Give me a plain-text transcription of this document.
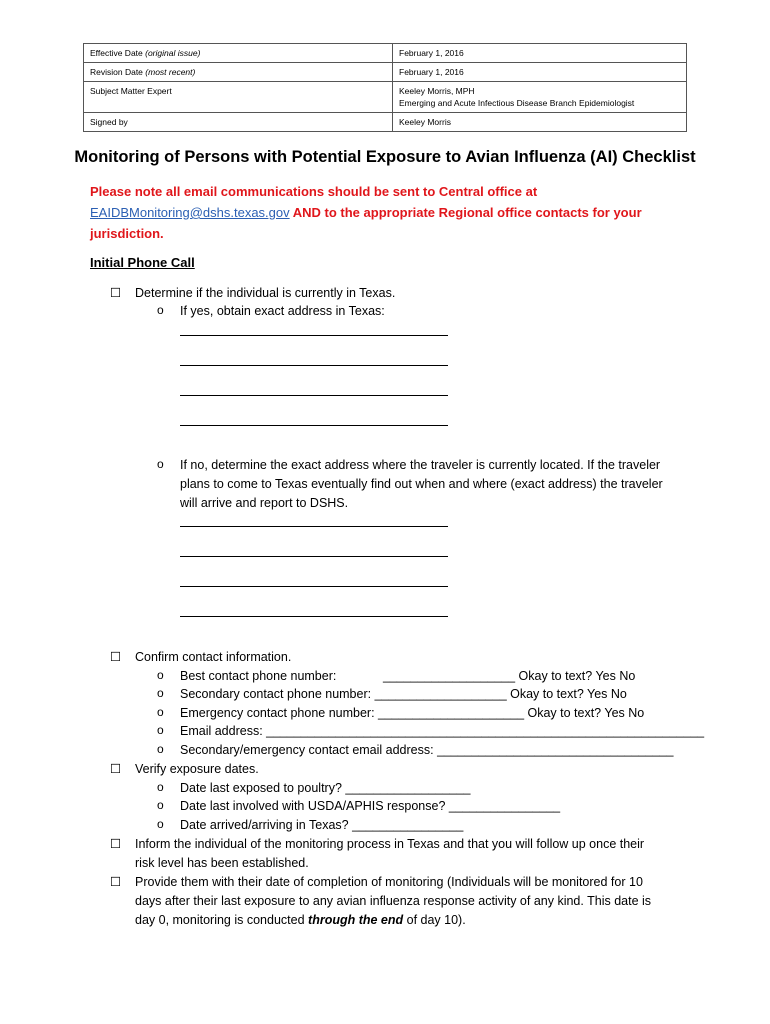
Effective Date (original issue)	February 1, 2016
Revision Date (most recent)	February 1, 2016
Subject Matter Expert	Keeley Morris, MPH
Emerging and Acute Infectious Disease Branch Epidemiologist

Signed by	Keeley Morris
Monitoring of Persons with Potential Exposure to Avian Influenza (AI) Checklist
Please note all email communications should be sent to Central office at
EAIDBMonitoring@dshs.texas.gov AND to the appropriate Regional office contacts for your
jurisdiction.
Initial Phone Call
☐ Determine if the individual is currently in Texas.
o If yes, obtain exact address in Texas:
o If no, determine the exact address where the traveler is currently located. If the traveler
plans to come to Texas eventually find out when and where (exact address) the traveler
will arrive and report to DSHS.
☐ Confirm contact information.
o Best contact phone number:	___________________ Okay to text? Yes No
o Secondary contact phone number: ___________________ Okay to text? Yes No
o Emergency contact phone number: _____________________ Okay to text? Yes No
o Email address: _______________________________________________________________
o Secondary/emergency contact email address: __________________________________
☐ Verify exposure dates.
o Date last exposed to poultry? __________________
o Date last involved with USDA/APHIS response? ________________
o Date arrived/arriving in Texas? ________________
☐ Inform the individual of the monitoring process in Texas and that you will follow up once their
risk level has been established.
☐ Provide them with their date of completion of monitoring (Individuals will be monitored for 10
days after their last exposure to any avian influenza response activity of any kind. This date is
day 0, monitoring is conducted through the end of day 10).
